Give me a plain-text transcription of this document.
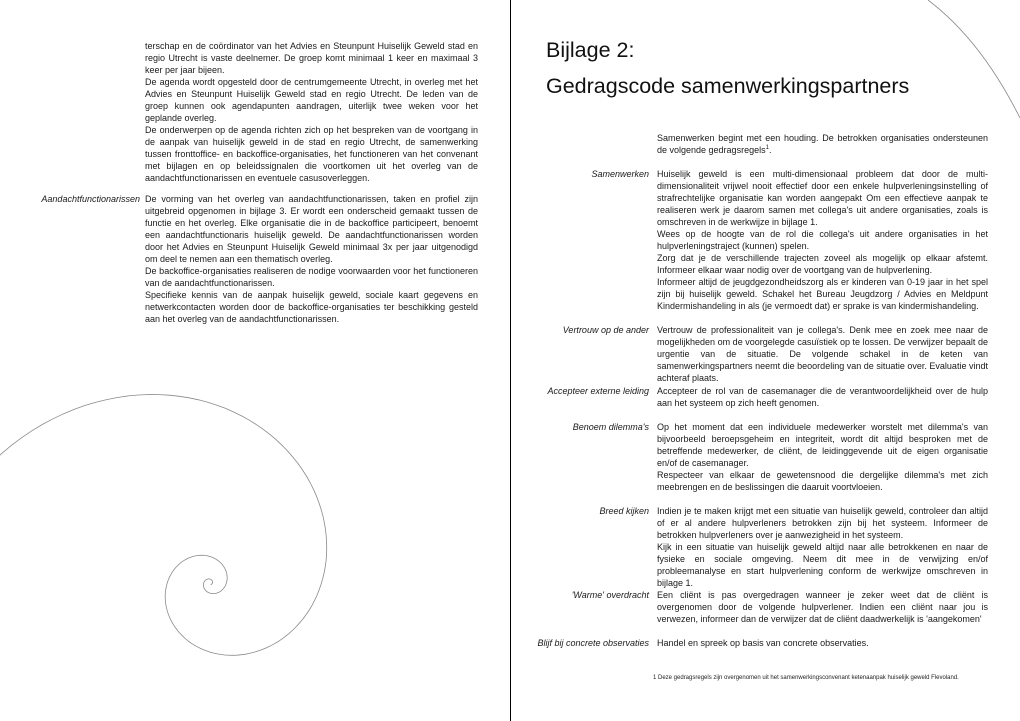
terschap en de coördinator van het Advies en Steunpunt Huiselijk Geweld stad en regio Utrecht is vaste deelnemer. De groep komt minimaal 1 keer en maximaal 3 keer per jaar bijeen.

De agenda wordt opgesteld door de centrumgemeente Utrecht, in overleg met het Advies en Steunpunt Huiselijk Geweld stad en regio Utrecht. De leden van de groep kunnen ook agendapunten aandragen, uiterlijk twee weken voor het geplande overleg.

De onderwerpen op de agenda richten zich op het bespreken van de voortgang in de aanpak van huiselijk geweld in de stad en regio Utrecht, de samenwerking tussen fronttoffice- en backoffice-organisaties, het functioneren van het convenant met bijlagen en op beleidssignalen die voortkomen uit het overleg van de aandachtfunctionarissen en eventuele casusoverleggen.

Aandachtfunctionarissen De vorming van het overleg van aandachtfunctionarissen, taken en profiel zijn uitgebreid opgenomen in bijlage 3. Er wordt een onderscheid gemaakt tussen de functie en het overleg. Elke organisatie die in de backoffice participeert, benoemt een aandachtfunctionaris huiselijk geweld. De aandachtfunctionarissen worden door het Advies en Steunpunt Huiselijk Geweld minimaal 3x per jaar uitgenodigd om deel te nemen aan een thematisch overleg.

De backoffice-organisaties realiseren de nodige voorwaarden voor het functioneren van de aandachtfunctionarissen.

Specifieke kennis van de aanpak huiselijk geweld, sociale kaart gegevens en netwerkcontacten worden door de backoffice-organisaties ter beschikking gesteld aan het overleg van de aandachtfunctionarissen.

Bijlage 2:
Gedragscode samenwerkingspartners

Samenwerken begint met een houding. De betrokken organisaties ondersteunen de volgende gedragsregels$^1$.

Samenwerken Huiselijk geweld is een multi-dimensionaal probleem dat door de multi-dimensionaliteit vrijwel nooit effectief door een enkele hulpverleningsinstelling of strafrechtelijke organisatie kan worden aangepakt Om een effectieve aanpak te realiseren werk je daarom samen met collega's uit andere organisaties, zoals is omschreven in de werkwijze in bijlage 1.

Wees op de hoogte van de rol die collega's uit andere organisaties in het hulpverleningstraject (kunnen) spelen.

Zorg dat je de verschillende trajecten zoveel als mogelijk op elkaar afstemt. Informeer elkaar waar nodig over de voortgang van de hulpverlening.

Informeer altijd de jeugdgezondheidszorg als er kinderen van 0-19 jaar in het spel zijn bij huiselijk geweld. Schakel het Bureau Jeugdzorg / Advies en Meldpunt Kindermishandeling in als (je vermoedt dat) er sprake is van kindermishandeling.

Vertrouw op de ander Vertrouw de professionaliteit van je collega's. Denk mee en zoek mee naar de mogelijkheden om de voorgelegde casuïstiek op te lossen. De verwijzer bepaalt de urgentie van de situatie. De volgende schakel in de keten van samenwerkingspartners neemt die beoordeling van de situatie over. Evaluatie vindt achteraf plaats.

Accepteer externe leiding Accepteer de rol van de casemanager die de verantwoordelijkheid over de hulp aan het systeem op zich heeft genomen.

Benoem dilemma's Op het moment dat een individuele medewerker worstelt met dilemma's van bijvoorbeeld beroepsgeheim en integriteit, wordt dit altijd besproken met de betreffende medewerker, de cliënt, de leidinggevende uit de eigen organisatie en/of de casemanager.

Respecteer van elkaar de gewetensnood die dergelijke dilemma's met zich meebrengen en de beslissingen die daaruit voortvloeien.

Breed kijken Indien je te maken krijgt met een situatie van huiselijk geweld, controleer dan altijd of er al andere hulpverleners betrokken zijn bij het systeem. Informeer de betrokken hulpverleners over je aanwezigheid in het systeem.

Kijk in een situatie van huiselijk geweld altijd naar alle betrokkenen en naar de fysieke en sociale omgeving. Neem dit mee in de verwijzing en/of probleemanalyse en start hulpverlening conform de werkwijze omschreven in bijlage 1.

'Warme' overdracht Een cliënt is pas overgedragen wanneer je zeker weet dat de cliënt is overgenomen door de volgende hulpverlener. Indien een cliënt naar jou is verwezen, informeer dan de verwijzer dat de cliënt daadwerkelijk is 'aangekomen'

Blijf bij concrete observaties Handel en spreek op basis van concrete observaties.

1 Deze gedragsregels zijn overgenomen uit het samenwerkingsconvenant ketenaanpak huiselijk geweld Flevoland.
